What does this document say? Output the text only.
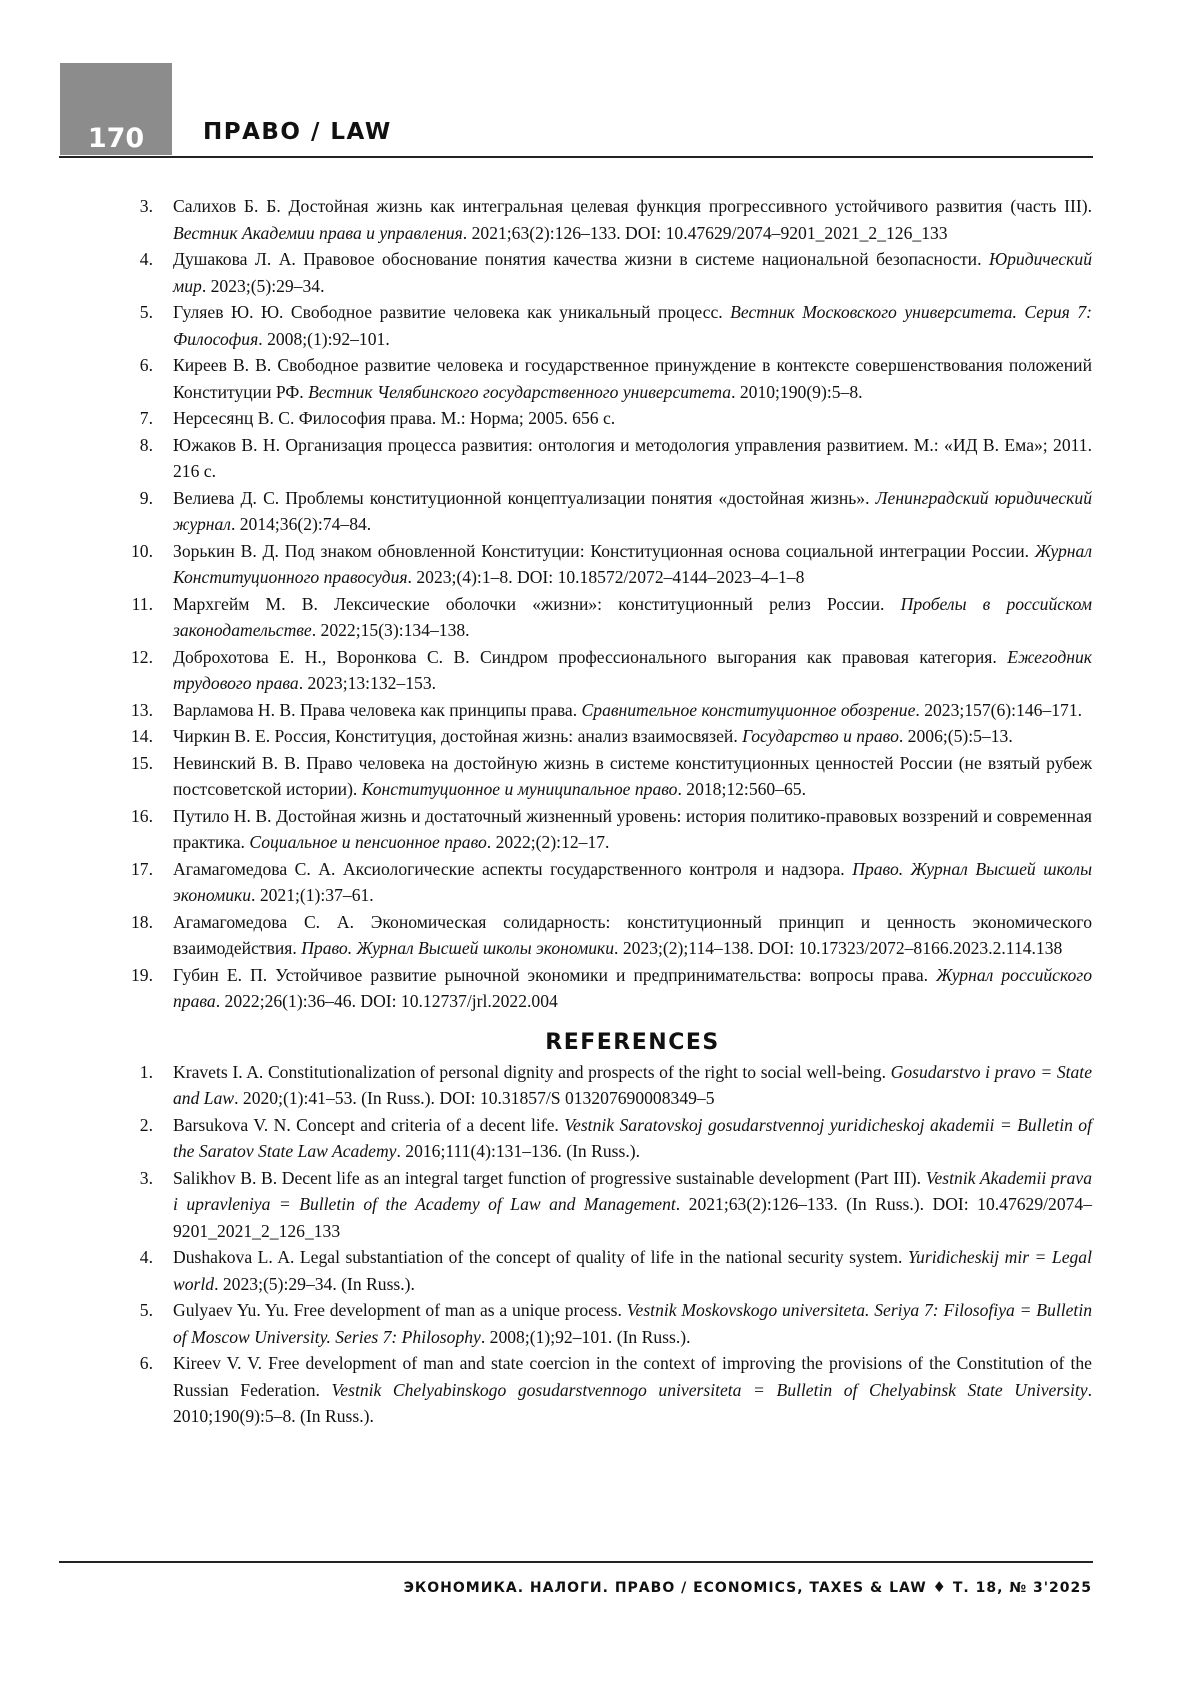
170	ПРАВО / LAW
3. Салихов Б. Б. Достойная жизнь как интегральная целевая функция прогрессивного устойчивого развития (часть III). Вестник Академии права и управления. 2021;63(2):126–133. DOI: 10.47629/2074–9201_2021_2_126_133
4. Душакова Л. А. Правовое обоснование понятия качества жизни в системе национальной безопасности. Юридический мир. 2023;(5):29–34.
5. Гуляев Ю. Ю. Свободное развитие человека как уникальный процесс. Вестник Московского университета. Серия 7: Философия. 2008;(1):92–101.
6. Киреев В. В. Свободное развитие человека и государственное принуждение в контексте совершенствования положений Конституции РФ. Вестник Челябинского государственного университета. 2010;190(9):5–8.
7. Нерсесянц В. С. Философия права. М.: Норма; 2005. 656 с.
8. Южаков В. Н. Организация процесса развития: онтология и методология управления развитием. М.: «ИД В. Ема»; 2011. 216 с.
9. Велиева Д. С. Проблемы конституционной концептуализации понятия «достойная жизнь». Ленинградский юридический журнал. 2014;36(2):74–84.
10. Зорькин В. Д. Под знаком обновленной Конституции: Конституционная основа социальной интеграции России. Журнал Конституционного правосудия. 2023;(4):1–8. DOI: 10.18572/2072–4144–2023–4–1–8
11. Мархгейм М. В. Лексические оболочки «жизни»: конституционный релиз России. Пробелы в российском законодательстве. 2022;15(3):134–138.
12. Доброхотова Е. Н., Воронкова С. В. Синдром профессионального выгорания как правовая категория. Ежегодник трудового права. 2023;13:132–153.
13. Варламова Н. В. Права человека как принципы права. Сравнительное конституционное обозрение. 2023;157(6):146–171.
14. Чиркин В. Е. Россия, Конституция, достойная жизнь: анализ взаимосвязей. Государство и право. 2006;(5):5–13.
15. Невинский В. В. Право человека на достойную жизнь в системе конституционных ценностей России (не взятый рубеж постсоветской истории). Конституционное и муниципальное право. 2018;12:560–65.
16. Путило Н. В. Достойная жизнь и достаточный жизненный уровень: история политико-правовых воззрений и современная практика. Социальное и пенсионное право. 2022;(2):12–17.
17. Агамагомедова С. А. Аксиологические аспекты государственного контроля и надзора. Право. Журнал Высшей школы экономики. 2021;(1):37–61.
18. Агамагомедова С. А. Экономическая солидарность: конституционный принцип и ценность экономического взаимодействия. Право. Журнал Высшей школы экономики. 2023;(2);114–138. DOI: 10.17323/2072–8166.2023.2.114.138
19. Губин Е. П. Устойчивое развитие рыночной экономики и предпринимательства: вопросы права. Журнал российского права. 2022;26(1):36–46. DOI: 10.12737/jrl.2022.004
REFERENCES
1. Kravets I. A. Constitutionalization of personal dignity and prospects of the right to social well-being. Gosudarstvo i pravo = State and Law. 2020;(1):41–53. (In Russ.). DOI: 10.31857/S 013207690008349–5
2. Barsukova V. N. Concept and criteria of a decent life. Vestnik Saratovskoj gosudarstvennoj yuridicheskoj akademii = Bulletin of the Saratov State Law Academy. 2016;111(4):131–136. (In Russ.).
3. Salikhov B. B. Decent life as an integral target function of progressive sustainable development (Part III). Vestnik Akademii prava i upravleniya = Bulletin of the Academy of Law and Management. 2021;63(2):126–133. (In Russ.). DOI: 10.47629/2074–9201_2021_2_126_133
4. Dushakova L. A. Legal substantiation of the concept of quality of life in the national security system. Yuridicheskij mir = Legal world. 2023;(5):29–34. (In Russ.).
5. Gulyaev Yu. Yu. Free development of man as a unique process. Vestnik Moskovskogo universiteta. Seriya 7: Filosofiya = Bulletin of Moscow University. Series 7: Philosophy. 2008;(1);92–101. (In Russ.).
6. Kireev V. V. Free development of man and state coercion in the context of improving the provisions of the Constitution of the Russian Federation. Vestnik Chelyabinskogo gosudarstvennogo universiteta = Bulletin of Chelyabinsk State University. 2010;190(9):5–8. (In Russ.).
ЭКОНОМИКА. НАЛОГИ. ПРАВО / ECONOMICS, TAXES & LAW ♦ Т. 18, № 3'2025
